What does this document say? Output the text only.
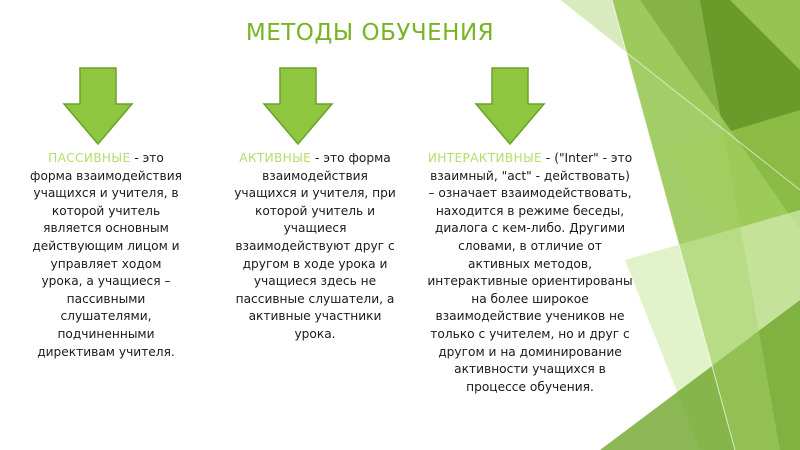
МЕТОДЫ ОБУЧЕНИЯ
ПАССИВНЫЕ - это форма взаимодействия учащихся и учителя, в которой учитель является основным действующим лицом и управляет ходом урока, а учащиеся – пассивными слушателями, подчиненными директивам учителя.
АКТИВНЫЕ - это форма взаимодействия учащихся и учителя, при которой учитель и учащиеся взаимодействуют друг с другом в ходе урока и учащиеся здесь не пассивные слушатели, а активные участники урока.
ИНТЕРАКТИВНЫЕ - ("Inter" - это взаимный, "act" - действовать) – означает взаимодействовать, находится в режиме беседы, диалога с кем-либо. Другими словами, в отличие от активных методов, интерактивные ориентированы на более широкое взаимодействие учеников не только с учителем, но и друг с другом и на доминирование активности учащихся в процессе обучения.
